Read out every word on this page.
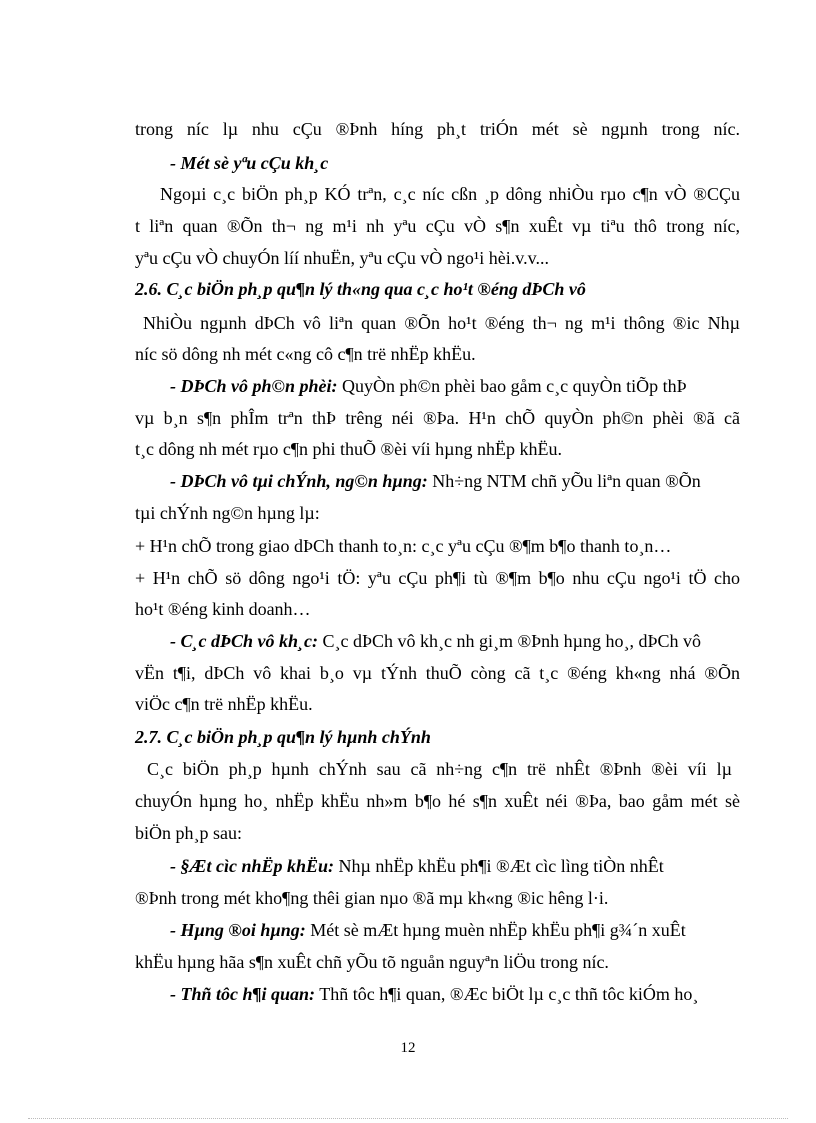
trong níc lµ nhu cÇu ®Þnh híng ph¸t triÓn mét sè ngµnh trong níc.
- Mét sè yªu cÇu kh¸c
Ngoµi c¸c biÖn ph¸p KÓ trªn, c¸c níc cßn ¸p dông nhiÒu rµo c¶n vÒ ®CÇu
t liªn quan ®Õn th¬ ng m¹i nh yªu cÇu vÒ s¶n xuÊt vµ tiªu thô trong níc,
yªu cÇu vÒ chuyÓn líí nhuËn, yªu cÇu vÒ ngo¹i hèi.v.v...
2.6. C¸c biÖn ph¸p qu¶n lý th«ng qua c¸c ho¹t ®éng dÞCh vô
NhiÒu ngµnh dÞCh vô liªn quan ®Õn ho¹t ®éng th¬ ng m¹i thông ®ic Nhµ
níc sö dông nh mét c«ng cô c¶n trë nhËp khËu.
- DÞCh vô ph©n phèi: QuyÒn ph©n phèi bao gåm c¸c quyÒn tiÕp thÞ
vµ b¸n s¶n phÎm trªn thÞ trêng néi ®Þa. H¹n chÕ quyÒn ph©n phèi ®ã cã
t¸c dông nh mét rµo c¶n phi thuÕ ®èi víi hµng nhËp khËu.
- DÞCh vô tµi chÝnh, ng©n hµng: Nh÷ng NTM chñ yÕu liªn quan ®Õn
tµi chÝnh ng©n hµng lµ:
+ H¹n chÕ trong giao dÞCh thanh to¸n: c¸c yªu cÇu ®¶m b¶o thanh to¸n…
+ H¹n chÕ sö dông ngo¹i tÖ: yªu cÇu ph¶i tù ®¶m b¶o nhu cÇu ngo¹i tÖ cho
ho¹t ®éng kinh doanh…
- C¸c dÞCh vô kh¸c: C¸c dÞCh vô kh¸c nh gi¸m ®Þnh hµng ho¸, dÞCh vô
vËn t¶i, dÞCh vô khai b¸o vµ tÝnh thuÕ còng cã t¸c ®éng kh«ng nhá ®Õn
viÖc c¶n trë nhËp khËu.
2.7. C¸c biÖn ph¸p qu¶n lý hµnh chÝnh
C¸c biÖn ph¸p hµnh chÝnh sau cã nh÷ng c¶n trë nhÊt ®Þnh ®èi víi lµ
chuyÓn hµng ho¸ nhËp khËu nh»m b¶o hé s¶n xuÊt néi ®Þa, bao gåm mét sè
biÖn ph¸p sau:
- §Æt cìc nhËp khËu: Nhµ nhËp khËu ph¶i ®Æt cìc lìng tiÒn nhÊt
®Þnh trong mét kho¶ng thêi gian nµo ®ã mµ kh«ng ®ic hêng l·i.
- Hµng ®oi hµng: Mét sè mÆt hµng muèn nhËp khËu ph¶i g¾´n xuÊt
khËu hµng hãa s¶n xuÊt chñ yÕu tõ nguån nguyªn liÖu trong níc.
- Thñ tôc h¶i quan: Thñ tôc h¶i quan, ®Æc biÖt lµ c¸c thñ tôc kiÓm ho¸
12
